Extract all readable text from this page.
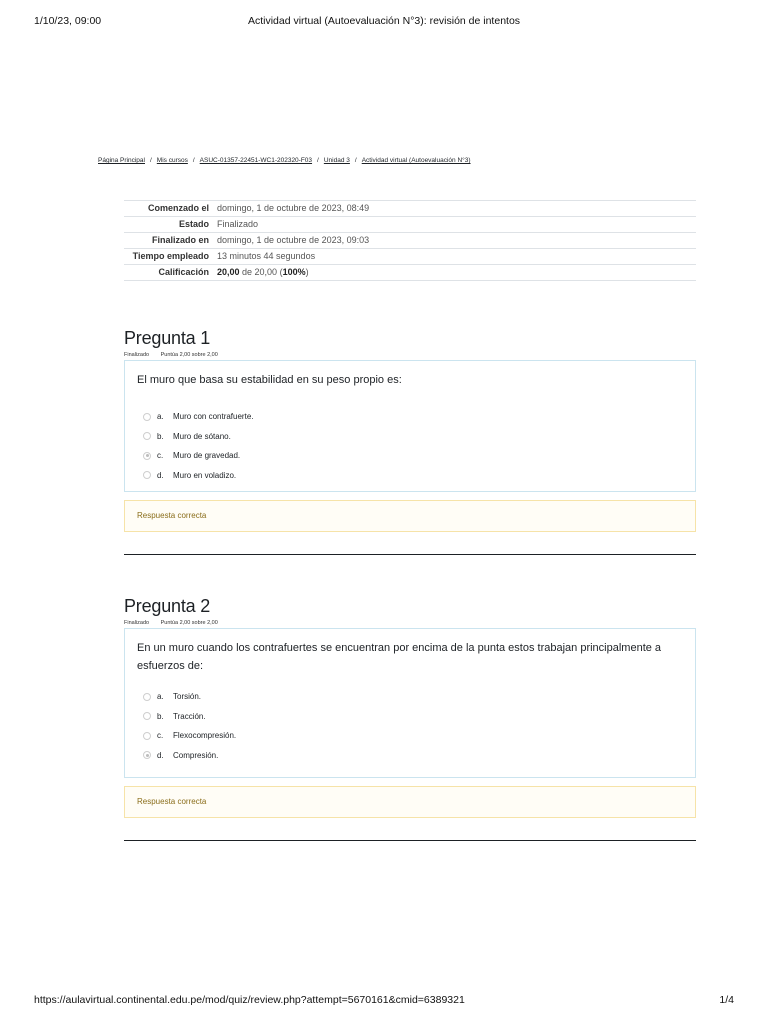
1/10/23, 09:00	Actividad virtual (Autoevaluación N°3): revisión de intentos
Página Principal / Mis cursos / ASUC-01357-22451-WC1-202320-F03 / Unidad 3 / Actividad virtual (Autoevaluación N°3)
Comenzado el domingo, 1 de octubre de 2023, 08:49
Estado Finalizado
Finalizado en domingo, 1 de octubre de 2023, 09:03
Tiempo empleado 13 minutos 44 segundos
Calificación 20,00 de 20,00 (100%)
Pregunta 1
Finalizado Puntúa 2,00 sobre 2,00
El muro que basa su estabilidad en su peso propio es:
a.	Muro con contrafuerte.
b.	Muro de sótano.
c.	Muro de gravedad.
d.	Muro en voladizo.
Respuesta correcta
Pregunta 2
Finalizado Puntúa 2,00 sobre 2,00
En un muro cuando los contrafuertes se encuentran por encima de la punta estos trabajan principalmente a esfuerzos de:
a.	Torsión.
b.	Tracción.
c.	Flexocompresión.
d.	Compresión.
Respuesta correcta
https://aulavirtual.continental.edu.pe/mod/quiz/review.php?attempt=5670161&cmid=6389321	1/4
